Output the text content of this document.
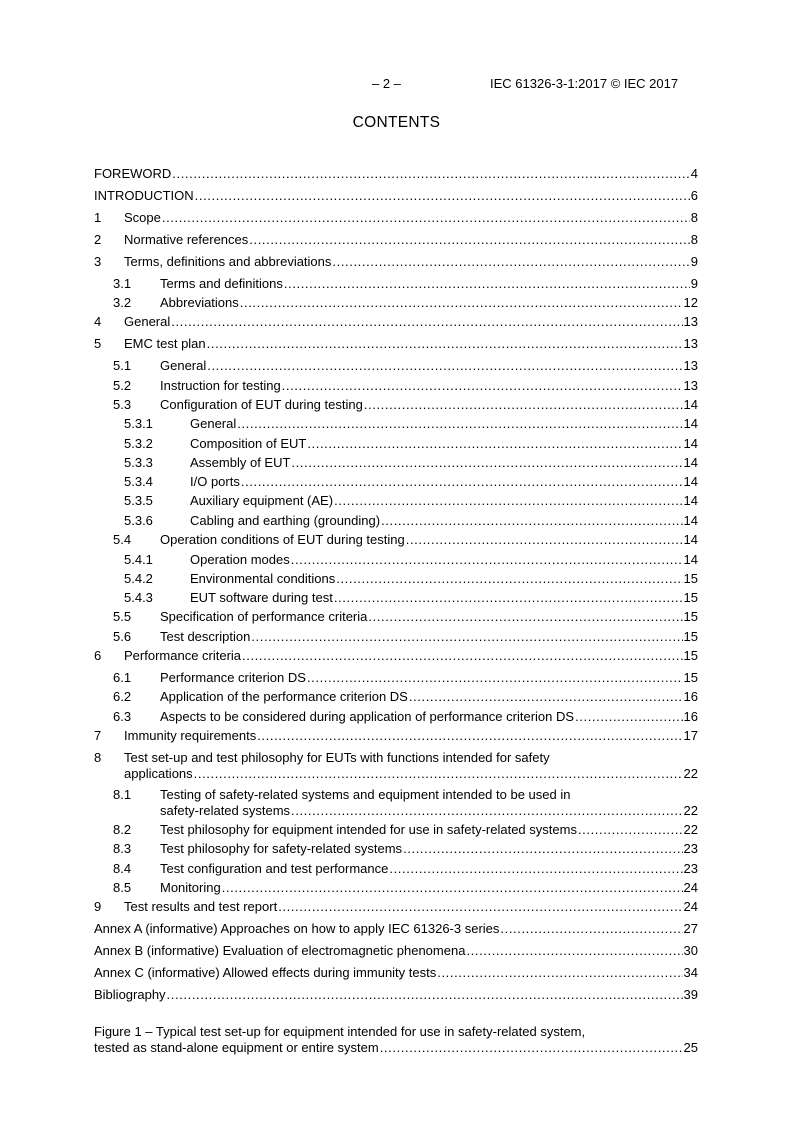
– 2 –	IEC 61326-3-1:2017 © IEC 2017
CONTENTS
FOREWORD .....	4
INTRODUCTION .....	6
1	Scope .....	8
2	Normative references .....	8
3	Terms, definitions and abbreviations .....	9
3.1	Terms and definitions .....	9
3.2	Abbreviations .....	12
4	General .....	13
5	EMC test plan .....	13
5.1	General .....	13
5.2	Instruction for testing .....	13
5.3	Configuration of EUT during testing .....	14
5.3.1	General .....	14
5.3.2	Composition of EUT .....	14
5.3.3	Assembly of EUT .....	14
5.3.4	I/O ports .....	14
5.3.5	Auxiliary equipment (AE) .....	14
5.3.6	Cabling and earthing (grounding) .....	14
5.4	Operation conditions of EUT during testing .....	14
5.4.1	Operation modes .....	14
5.4.2	Environmental conditions .....	15
5.4.3	EUT software during test .....	15
5.5	Specification of performance criteria .....	15
5.6	Test description .....	15
6	Performance criteria .....	15
6.1	Performance criterion DS .....	15
6.2	Application of the performance criterion DS .....	16
6.3	Aspects to be considered during application of performance criterion DS .....	16
7	Immunity requirements .....	17
8	Test set-up and test philosophy for EUTs with functions intended for safety
applications .....	22
8.1	Testing of safety-related systems and equipment intended to be used in
safety-related systems .....	22
8.2	Test philosophy for equipment intended for use in safety-related systems .....	22
8.3	Test philosophy for safety-related systems .....	23
8.4	Test configuration and test performance .....	23
8.5	Monitoring .....	24
9	Test results and test report .....	24
Annex A (informative) Approaches on how to apply IEC 61326-3 series .....	27
Annex B (informative) Evaluation of electromagnetic phenomena .....	30
Annex C (informative) Allowed effects during immunity tests .....	34
Bibliography .....	39
Figure 1 – Typical test set-up for equipment intended for use in safety-related system,
tested as stand-alone equipment or entire system .....	25
